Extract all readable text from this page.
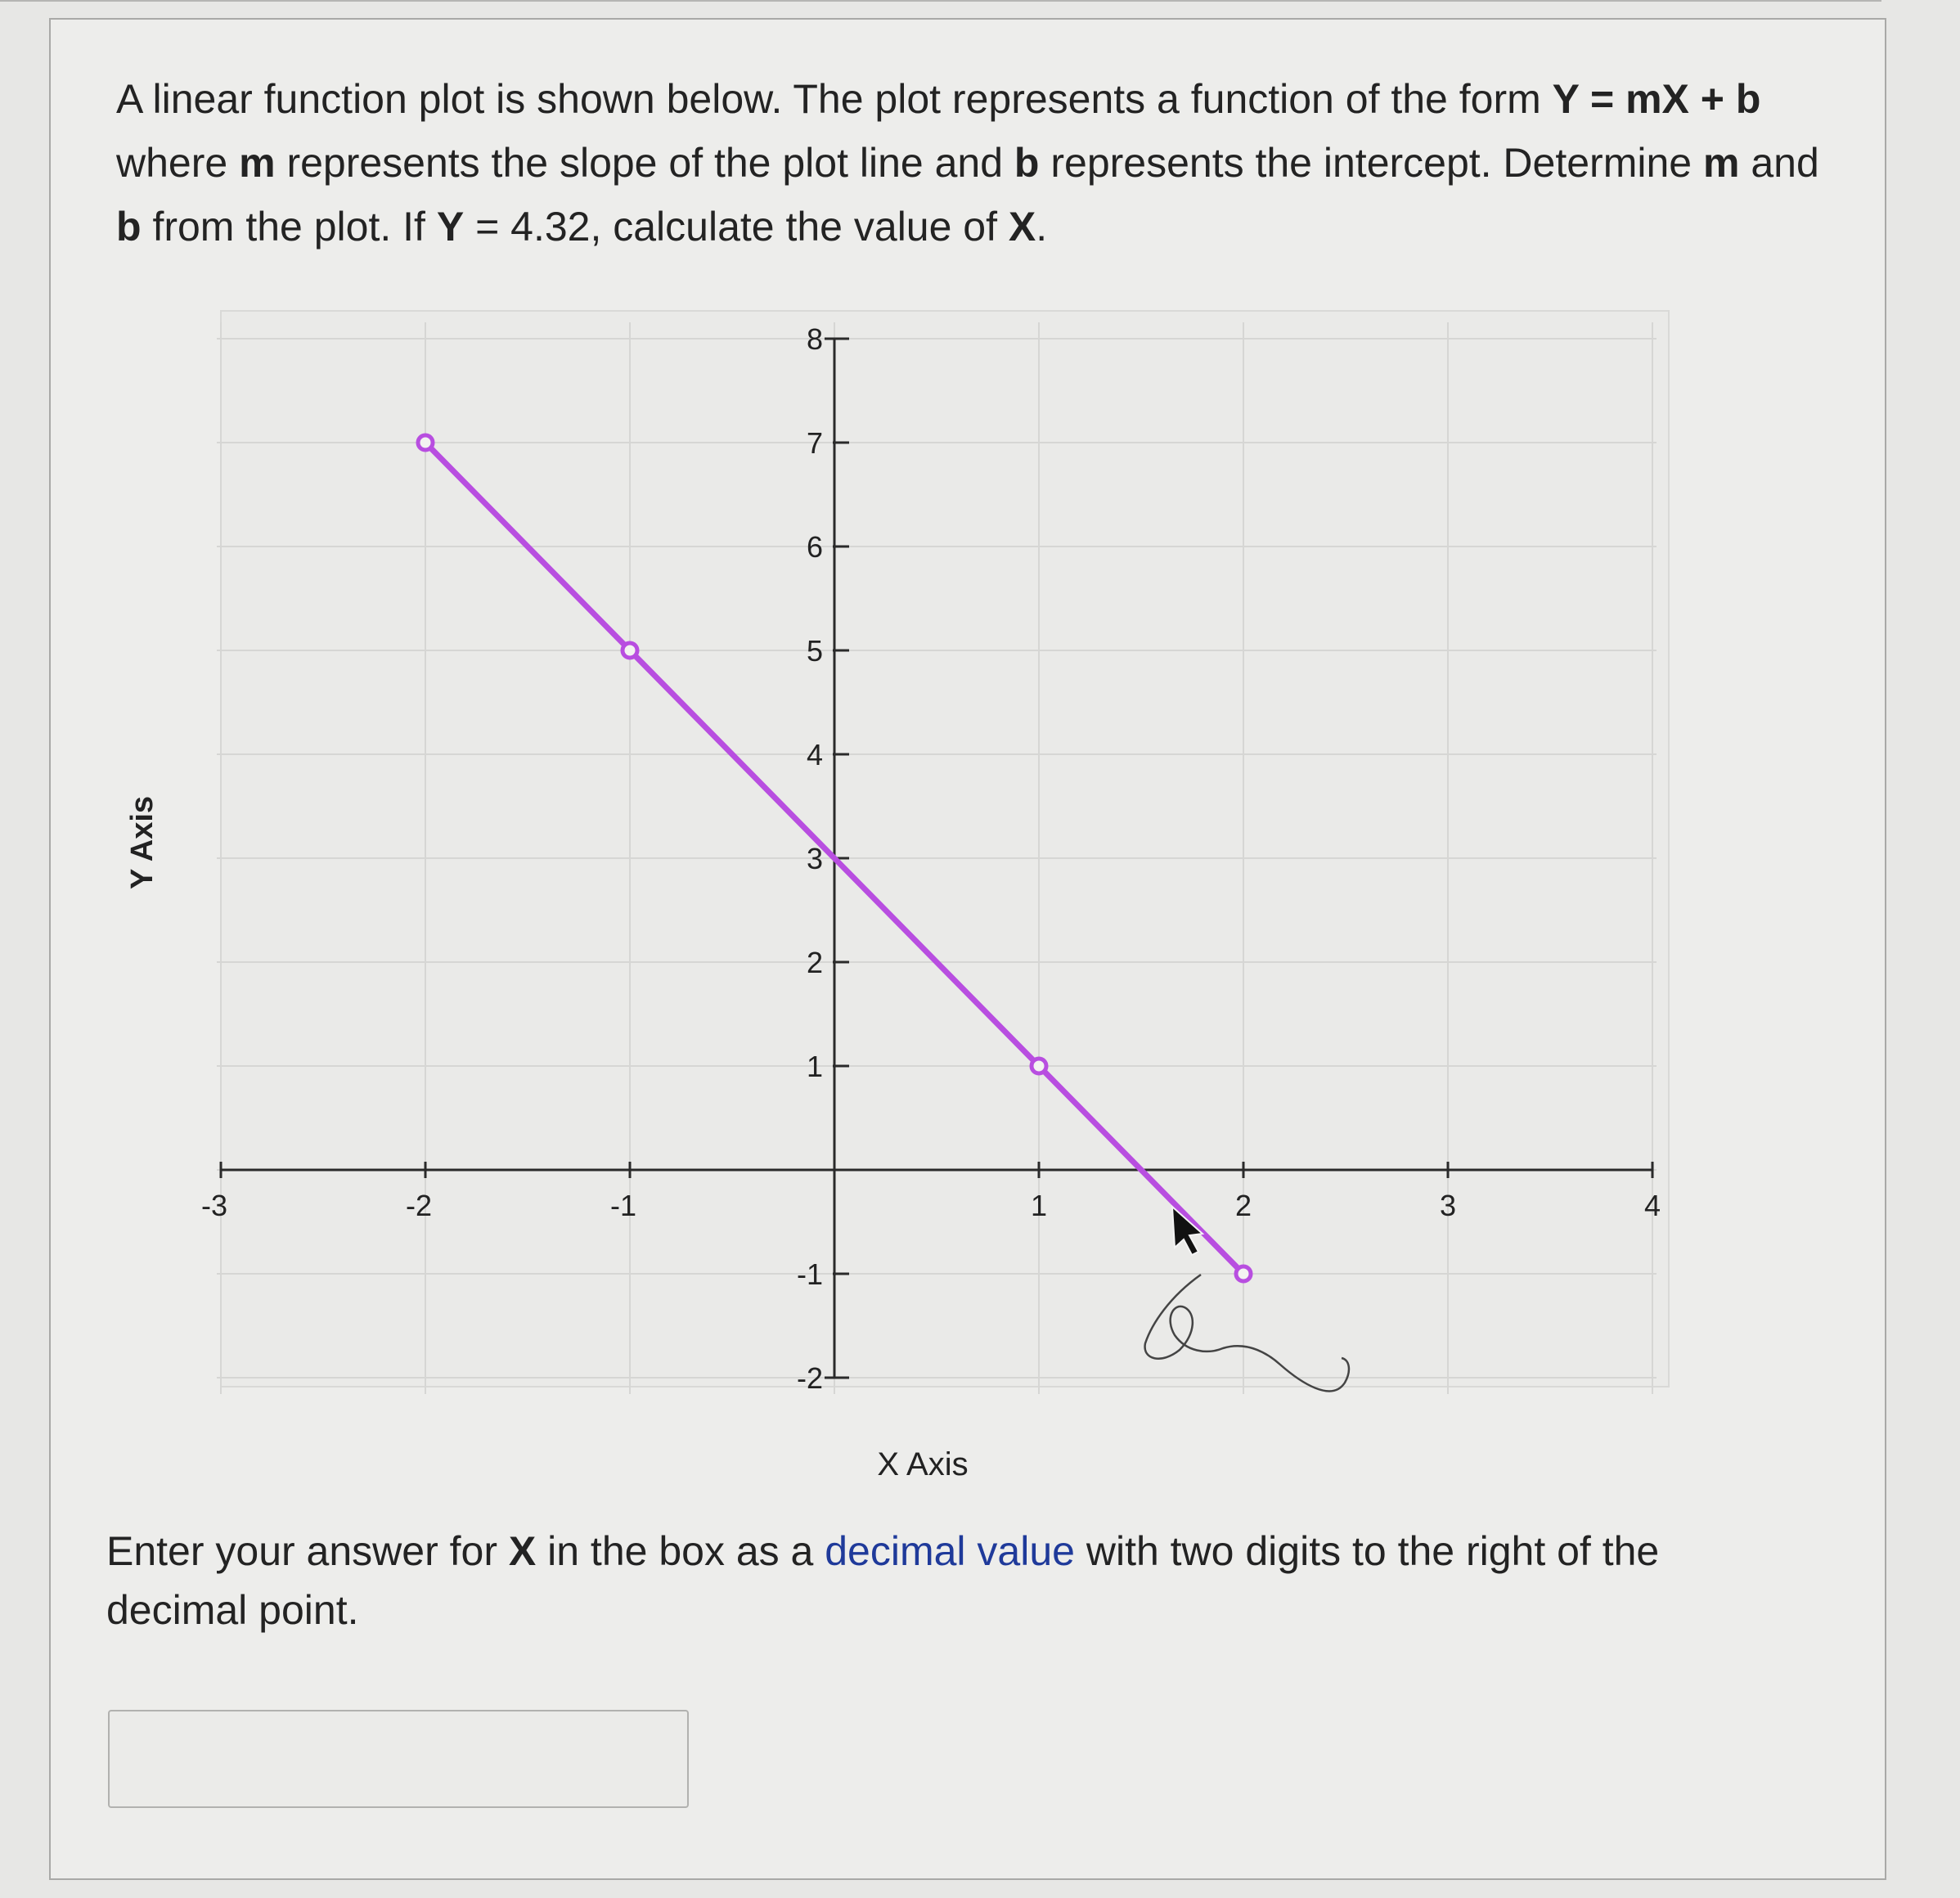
A linear function plot is shown below. The plot represents a function of the form Y = mX + b where m represents the slope of the plot line and b represents the intercept. Determine m and b from the plot. If Y = 4.32, calculate the value of X.

-3	-2	-1	1	2	3	4
-2
-1
1
2
3
4
5
6
7
8
X Axis
Y Axis

Enter your answer for X in the box as a decimal value with two digits to the right of the decimal point.
